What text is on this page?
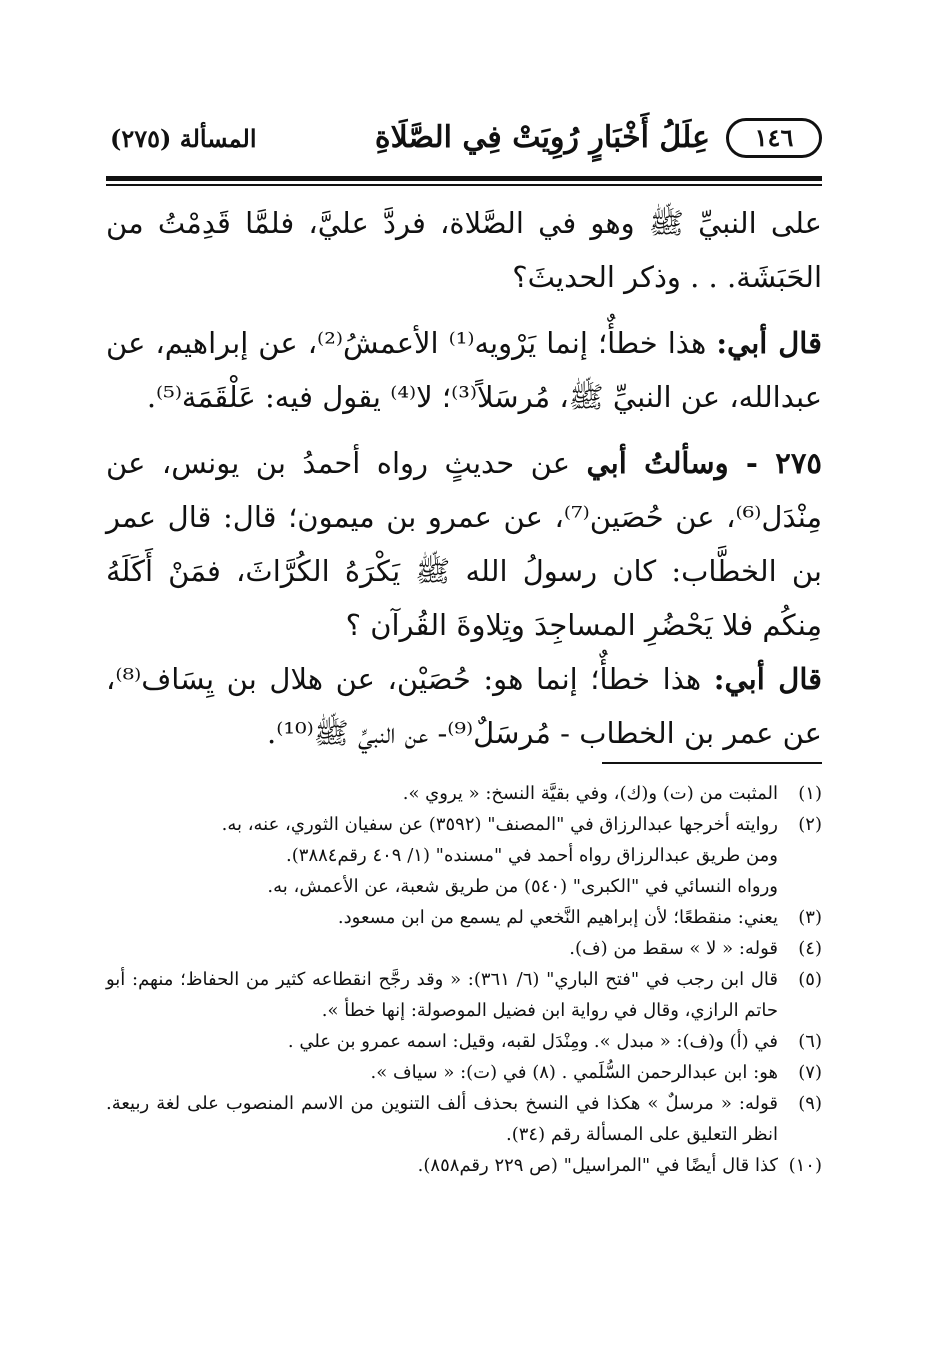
١٤٦
عِلَلُ أَخْبَارٍ رُوِيَتْ فِي الصَّلَاةِ
المسألة (٢٧٥)

على النبيِّ ﷺ وهو في الصَّلاة، فردَّ عليَّ، فلمَّا قَدِمْتُ من الحَبَشَة. . . وذكر الحديثَ؟

قال أبي: هذا خطأٌ؛ إنما يَرْويه⁽¹⁾ الأعمشُ⁽²⁾، عن إبراهيم، عن عبدالله، عن النبيِّ ﷺ، مُرسَلاً⁽³⁾؛ لا⁽⁴⁾ يقول فيه: عَلْقَمَة⁽⁵⁾.

٢٧٥ - وسألتُ أبي عن حديثٍ رواه أحمدُ بن يونس، عن مِنْدَل⁽⁶⁾، عن حُصَين⁽⁷⁾، عن عمرو بن ميمون؛ قال: قال عمر بن الخطَّاب: كان رسولُ الله ﷺ يَكْرَهُ الكُرَّاثَ، فمَنْ أَكَلَهُ مِنكُم فلا يَحْضُرِ المساجِدَ وتِلاوةَ القُرآن ؟

قال أبي: هذا خطأٌ؛ إنما هو: حُصَيْن، عن هلال بن يِسَاف⁽⁸⁾، عن عمر بن الخطاب - مُرسَلٌ⁽⁹⁾- عن النبيِّ ﷺ⁽¹⁰⁾.

(١)
المثبت من (ت) و(ك)، وفي بقيَّة النسخ: « يروي ».
(٢)
روايته أخرجها عبدالرزاق في "المصنف" (٣٥٩٢) عن سفيان الثوري، عنه، به.
ومن طريق عبدالرزاق رواه أحمد في "مسنده" (١/ ٤٠٩ رقم٣٨٨٤).
ورواه النسائي في "الكبرى" (٥٤٠) من طريق شعبة، عن الأعمش، به.
(٣)
يعني: منقطعًا؛ لأن إبراهيم النَّخعي لم يسمع من ابن مسعود.
(٤)
قوله: « لا » سقط من (ف).
(٥)
قال ابن رجب في "فتح الباري" (٦/ ٣٦١): « وقد رجَّح انقطاعه كثير من الحفاظ؛ منهم: أبو حاتم الرازي، وقال في رواية ابن فضيل الموصولة: إنها خطأ ».
(٦)
في (أ) و(ف): « مبدل ». ومِنْدَل لقبه، وقيل: اسمه عمرو بن علي .
(٧)
هو: ابن عبدالرحمن السُّلَمي . (٨) في (ت): « سياف ».
(٩)
قوله: « مرسلٌ » هكذا في النسخ بحذف ألف التنوين من الاسم المنصوب على لغة ربيعة. انظر التعليق على المسألة رقم (٣٤).
(١٠)
كذا قال أيضًا في "المراسيل" (ص ٢٢٩ رقم٨٥٨).
